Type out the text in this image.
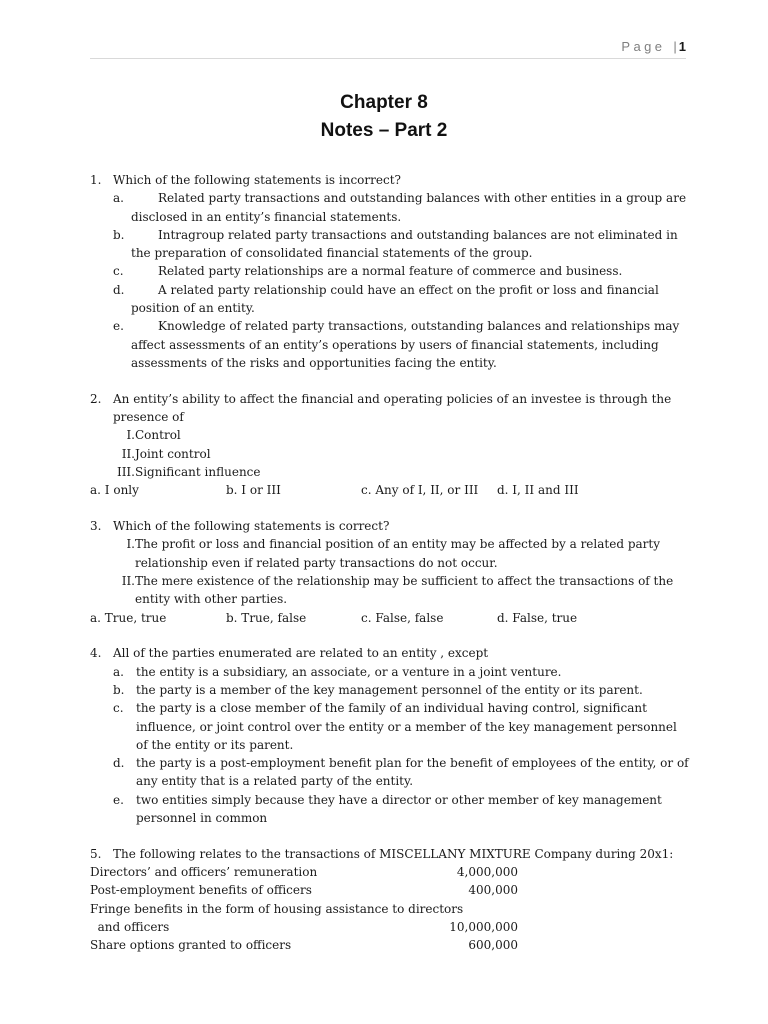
Page | 1
Chapter 8
Notes – Part 2
1. Which of the following statements is incorrect?
a.	Related party transactions and outstanding balances with other entities in a group are disclosed in an entity’s financial statements.
b.	Intragroup related party transactions and outstanding balances are not eliminated in the preparation of consolidated financial statements of the group.
c.	Related party relationships are a normal feature of commerce and business.
d.	A related party relationship could have an effect on the profit or loss and financial position of an entity.
e.	Knowledge of related party transactions, outstanding balances and relationships may affect assessments of an entity’s operations by users of financial statements, including assessments of the risks and opportunities facing the entity.
2. An entity’s ability to affect the financial and operating policies of an investee is through the presence of
I. Control
II. Joint control
III. Significant influence
a. I only	b. I or III	c. Any of I, II, or III	d. I, II and III
3. Which of the following statements is correct?
I. The profit or loss and financial position of an entity may be affected by a related party relationship even if related party transactions do not occur.
II. The mere existence of the relationship may be sufficient to affect the transactions of the entity with other parties.
a. True, true	b. True, false	c. False, false	d. False, true
4. All of the parties enumerated are related to an entity , except
a. the entity is a subsidiary, an associate, or a venture in a joint venture.
b. the party is a member of the key management personnel of the entity or its parent.
c. the party is a close member of the family of an individual having control, significant influence, or joint control over the entity or a member of the key management personnel of the entity or its parent.
d. the party is a post-employment benefit plan for the benefit of employees of the entity, or of any entity that is a related party of the entity.
e. two entities simply because they have a director or other member of key management personnel in common
5. The following relates to the transactions of MISCELLANY MIXTURE Company during 20x1:
Directors’ and officers’ remuneration	4,000,000
Post-employment benefits of officers	400,000
Fringe benefits in the form of housing assistance to directors
and officers	10,000,000
Share options granted to officers	600,000
